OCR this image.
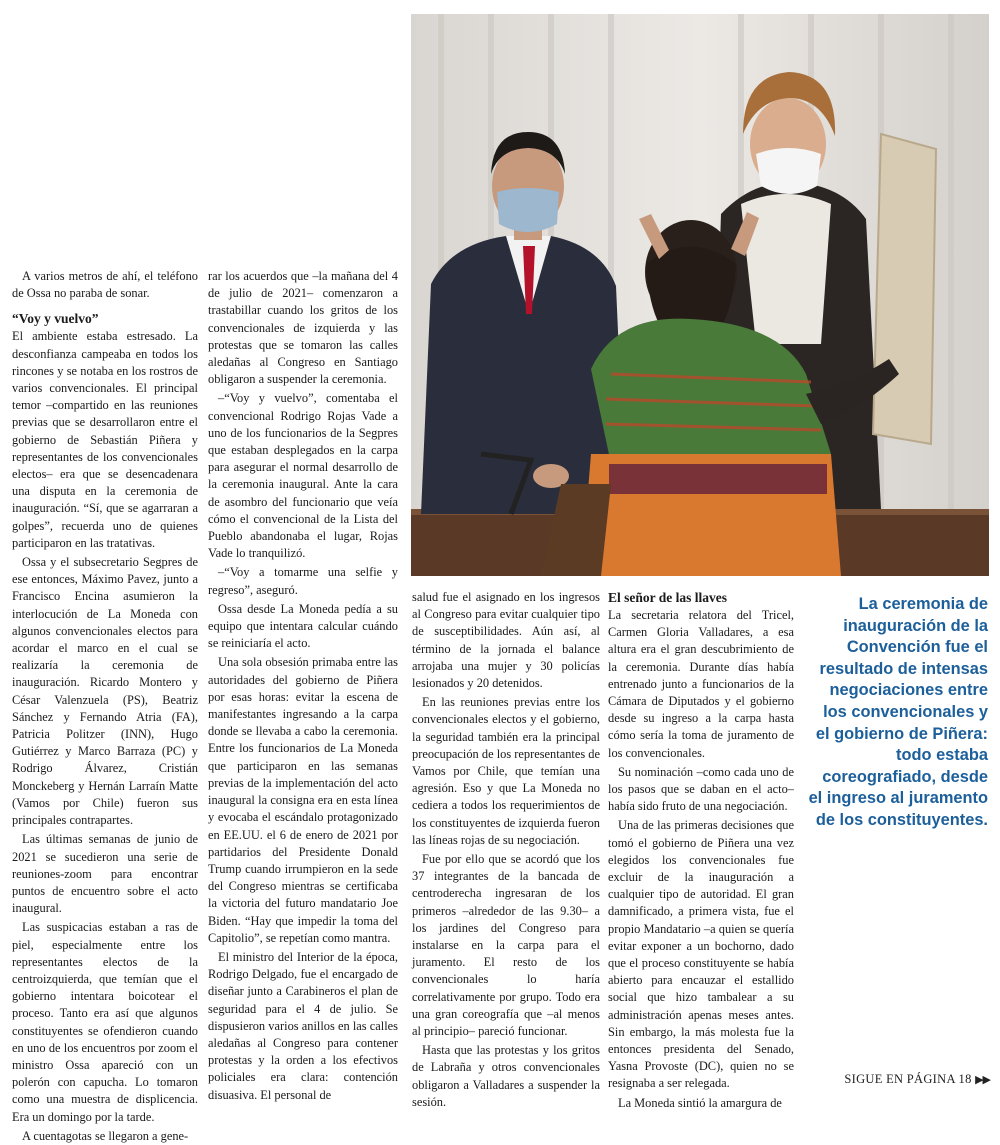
A varios metros de ahí, el teléfono de Ossa no paraba de sonar.

“Voy y vuelvo”

El ambiente estaba estresado. La desconfianza campeaba en todos los rincones y se notaba en los rostros de varios convencionales. El principal temor –compartido en las reuniones previas que se desarrollaron entre el gobierno de Sebastián Piñera y representantes de los convencionales electos– era que se desencadenara una disputa en la ceremonia de inauguración. “Sí, que se agarraran a golpes”, recuerda uno de quienes participaron en las tratativas.

Ossa y el subsecretario Segpres de ese entonces, Máximo Pavez, junto a Francisco Encina asumieron la interlocución de La Moneda con algunos convencionales electos para acordar el marco en el cual se realizaría la ceremonia de inauguración. Ricardo Montero y César Valenzuela (PS), Beatriz Sánchez y Fernando Atria (FA), Patricia Politzer (INN), Hugo Gutiérrez y Marco Barraza (PC) y Rodrigo Álvarez, Cristián Monckeberg y Hernán Larraín Matte (Vamos por Chile) fueron sus principales contrapartes.

Las últimas semanas de junio de 2021 se sucedieron una serie de reuniones-zoom para encontrar puntos de encuentro sobre el acto inaugural.

Las suspicacias estaban a ras de piel, especialmente entre los representantes electos de la centroizquierda, que temían que el gobierno intentara boicotear el proceso. Tanto era así que algunos constituyentes se ofendieron cuando en uno de los encuentros por zoom el ministro Ossa apareció con un polerón con capucha. Lo tomaron como una muestra de displicencia. Era un domingo por la tarde.

A cuentagotas se llegaron a gene-

rar los acuerdos que –la mañana del 4 de julio de 2021– comenzaron a trastabillar cuando los gritos de los convencionales de izquierda y las protestas que se tomaron las calles aledañas al Congreso en Santiago obligaron a suspender la ceremonia.

–“Voy y vuelvo”, comentaba el convencional Rodrigo Rojas Vade a uno de los funcionarios de la Segpres que estaban desplegados en la carpa para asegurar el normal desarrollo de la ceremonia inaugural. Ante la cara de asombro del funcionario que veía cómo el convencional de la Lista del Pueblo abandonaba el lugar, Rojas Vade lo tranquilizó.

–“Voy a tomarme una selfie y regreso”, aseguró.

Ossa desde La Moneda pedía a su equipo que intentara calcular cuándo se reiniciaría el acto.

Una sola obsesión primaba entre las autoridades del gobierno de Piñera por esas horas: evitar la escena de manifestantes ingresando a la carpa donde se llevaba a cabo la ceremonia. Entre los funcionarios de La Moneda que participaron en las semanas previas de la implementación del acto inaugural la consigna era en esta línea y evocaba el escándalo protagonizado en EE.UU. el 6 de enero de 2021 por partidarios del Presidente Donald Trump cuando irrumpieron en la sede del Congreso mientras se certificaba la victoria del futuro mandatario Joe Biden. “Hay que impedir la toma del Capitolio”, se repetían como mantra.

El ministro del Interior de la época, Rodrigo Delgado, fue el encargado de diseñar junto a Carabineros el plan de seguridad para el 4 de julio. Se dispusieron varios anillos en las calles aledañas al Congreso para contener protestas y la orden a los efectivos policiales era clara: contención disuasiva. El personal de

salud fue el asignado en los ingresos al Congreso para evitar cualquier tipo de susceptibilidades. Aún así, al término de la jornada el balance arrojaba una mujer y 30 policías lesionados y 20 detenidos.

En las reuniones previas entre los convencionales electos y el gobierno, la seguridad también era la principal preocupación de los representantes de Vamos por Chile, que temían una agresión. Eso y que La Moneda no cediera a todos los requerimientos de los constituyentes de izquierda fueron las líneas rojas de su negociación.

Fue por ello que se acordó que los 37 integrantes de la bancada de centroderecha ingresaran de los primeros –alrededor de las 9.30– a los jardines del Congreso para instalarse en la carpa para el juramento. El resto de los convencionales lo haría correlativamente por grupo. Todo era una gran coreografía que –al menos al principio– pareció funcionar.

Hasta que las protestas y los gritos de Labraña y otros convencionales obligaron a Valladares a suspender la sesión.

El señor de las llaves

La secretaria relatora del Tricel, Carmen Gloria Valladares, a esa altura era el gran descubrimiento de la ceremonia. Durante días había entrenado junto a funcionarios de la Cámara de Diputados y el gobierno desde su ingreso a la carpa hasta cómo sería la toma de juramento de los convencionales.

Su nominación –como cada uno de los pasos que se daban en el acto– había sido fruto de una negociación.

Una de las primeras decisiones que tomó el gobierno de Piñera una vez elegidos los convencionales fue excluir de la inauguración a cualquier tipo de autoridad. El gran damnificado, a primera vista, fue el propio Mandatario –a quien se quería evitar exponer a un bochorno, dado que el proceso constituyente se había abierto para encauzar el estallido social que hizo tambalear a su administración apenas meses antes. Sin embargo, la más molesta fue la entonces presidenta del Senado, Yasna Provoste (DC), quien no se resignaba a ser relegada.

La Moneda sintió la amargura de

La ceremonia de inauguración de la Convención fue el resultado de intensas negociaciones entre los convencionales y el gobierno de Piñera: todo estaba coreografiado, desde el ingreso al juramento de los constituyentes.
SIGUE EN PÁGINA 18 ▶▶
